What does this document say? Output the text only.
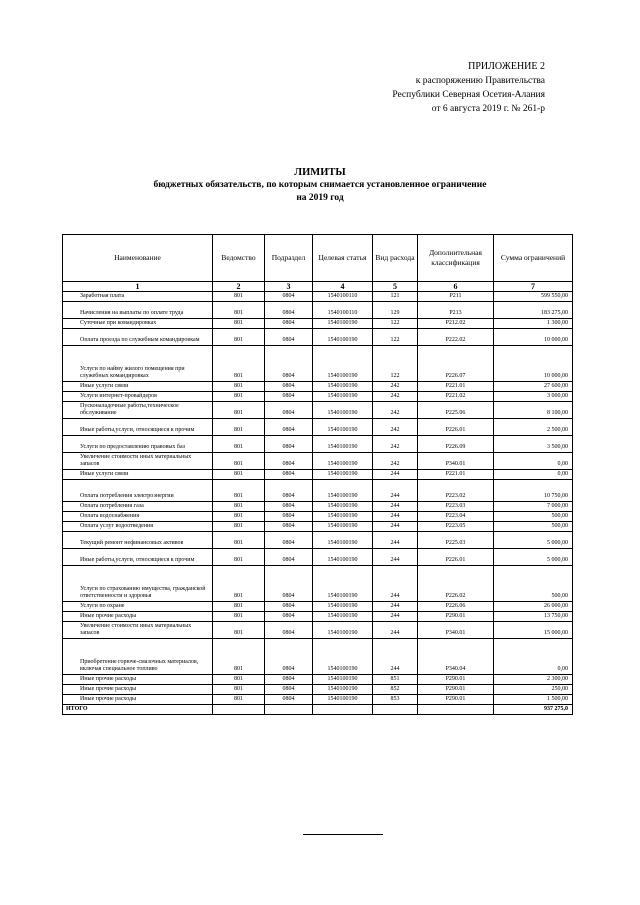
ПРИЛОЖЕНИЕ 2
к распоряжению Правительства
Республики Северная Осетия-Алания
от 6 августа 2019 г. № 261-р
ЛИМИТЫ
бюджетных обязательств, по которым снимается установленное ограничение
на 2019 год
Наименование	Ведомство	Подраздел	Целевая статья	Вид расхода	Дополнительная классификация	Сумма ограничений
1	2	3	4	5	6	7

Заработная плата	801	0804	1540100110	121	Р211	599 550,00

Начисления на выплаты по оплате труда	801	0804	1540100110	129	Р213	183 275,00

Суточные при командировках	801	0804	1540100190	122	Р212.02	1 300,00

Оплата проезда по служебным командировкам	801	0804	1540100190	122	Р222.02	10 000,00

Услуги по найму жилого помещения при служебных командировках	801	0804	1540100190	122	Р226.07	10 000,00

Иные услуги связи	801	0804	1540100190	242	Р221.01	27 600,00

Услуги интернет-провайдеров	801	0804	1540100190	242	Р221.02	3 000,00

Пусконаладочные работы,техническое обслуживание	801	0804	1540100190	242	Р225.06	8 100,00

Иные работы,услуги, относящиеся к прочим	801	0804	1540100190	242	Р226.01	2 500,00

Услуги по предоставлению правовых баз	801	0804	1540100190	242	Р226.09	3 500,00

Увеличение стоимости иных материальных запасов	801	0804	1540100190	242	Р340.01	0,00

Иные услуги связи	801	0804	1540100190	244	Р221.01	0,00

Оплата потребления электроэнергии	801	0804	1540100190	244	Р223.02	10 750,00

Оплата потребления газа	801	0804	1540100190	244	Р223.03	7 000,00

Оплата водоснабжения	801	0804	1540100190	244	Р223.04	500,00

Оплата услуг водоотведения	801	0804	1540100190	244	Р223.05	500,00

Текущий ремонт нефинансовых активов	801	0804	1540100190	244	Р225.03	5 000,00

Иные работы,услуги, относящиеся к прочим	801	0804	1540100190	244	Р226.01	5 000,00

Услуги по страхованию имущества, гражданской ответственности и здоровья	801	0804	1540100190	244	Р226.02	500,00

Услуги по охране	801	0804	1540100190	244	Р226.06	26 000,00

Иные прочие расходы	801	0804	1540100190	244	Р290.01	13 750,00

Увеличение стоимости иных материальных запасов	801	0804	1540100190	244	Р340.01	15 000,00

Приобретение горюче-смазочных материалов, включая специальное топливо	801	0804	1540100190	244	Р340.04	0,00

Иные прочие расходы	801	0804	1540100190	851	Р290.01	2 300,00

Иные прочие расходы	801	0804	1540100190	852	Р290.01	250,00

Иные прочие расходы	801	0804	1540100190	853	Р290.01	1 500,00
ИТОГО						937 275,0
